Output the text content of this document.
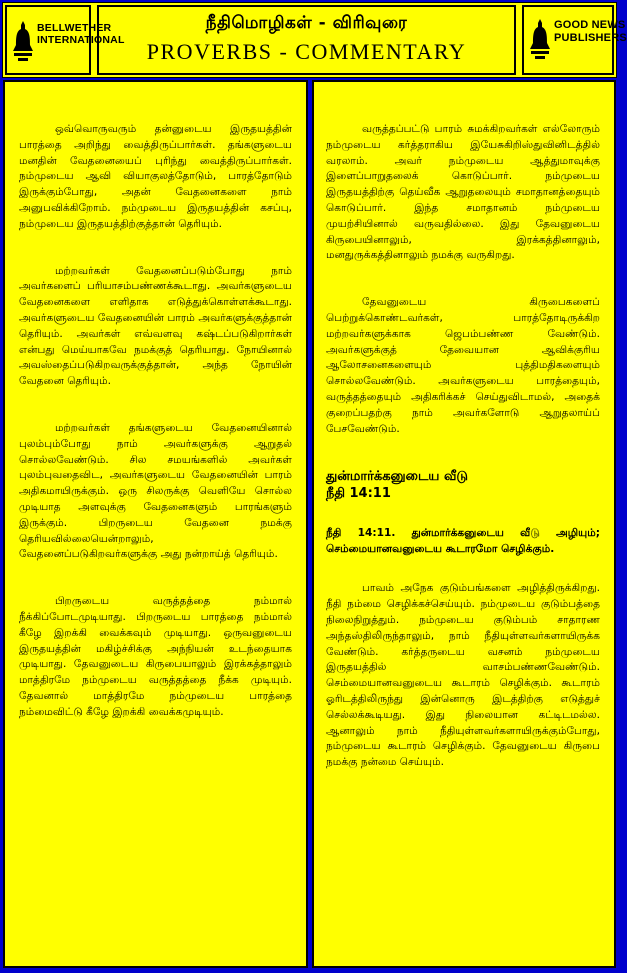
BELLWETHER
INTERNATIONAL
நீதிமொழிகள் - விரிவுரை
PROVERBS - COMMENTARY
GOOD NEWS
PUBLISHERS

ஒவ்வொருவரும் தன்னுடைய இருதயத்தின் பாரத்தை அறிந்து வைத்திருப்பார்கள். தங்களுடைய மனதின் வேதனையைப் புரிந்து வைத்திருப்பார்கள். நம்முடைய ஆவி வியாகுலத்தோடும், பாரத்தோடும் இருக்கும்போது, அதன் வேதனைகளை நாம் அனுபவிக்கிறோம். நம்முடைய இருதயத்தின் கசப்பு, நம்முடைய இருதயத்திற்குத்தான் தெரியும்.

மற்றவர்கள் வேதனைப்படும்போது நாம் அவர்களைப் பரியாசம்பண்ணக்கூடாது. அவர்களுடைய வேதனைகளை எளிதாக எடுத்துக்கொள்ளக்கூடாது. அவர்களுடைய வேதனையின் பாரம் அவர்களுக்குத்தான் தெரியும். அவர்கள் எவ்வளவு கஷ்டப்படுகிறார்கள் என்பது மெய்யாகவே நமக்குத் தெரியாது. நோயினால் அவஸ்தைப்படுகிறவருக்குத்தான், அந்த நோயின் வேதனை தெரியும்.

மற்றவர்கள் தங்களுடைய வேதனையினால் புலம்பும்போது நாம் அவர்களுக்கு ஆறுதல் சொல்லவேண்டும். சில சமயங்களில் அவர்கள் புலம்புவதைவிட, அவர்களுடைய வேதனையின் பாரம் அதிகமாயிருக்கும். ஒரு சிலருக்கு வெளியே சொல்ல முடியாத அளவுக்கு வேதனைகளும் பாரங்களும் இருக்கும். பிறருடைய வேதனை நமக்கு தெரியவில்லையென்றாலும், வேதனைப்படுகிறவர்களுக்கு அது நன்றாய்த் தெரியும்.

பிறருடைய வருத்தத்தை நம்மால் நீக்கிப்போடமுடியாது. பிறருடைய பாரத்தை நம்மால் கீழே இறக்கி வைக்கவும் முடியாது. ஒருவனுடைய இருதயத்தின் மகிழ்ச்சிக்கு அந்நியன் உடந்தையாக முடியாது. தேவனுடைய கிருபையாலும் இரக்கத்தாலும் மாத்திரமே நம்முடைய வருத்தத்தை நீக்க முடியும். தேவனால் மாத்திரமே நம்முடைய பாரத்தை நம்மைவிட்டு கீழே இறக்கி வைக்கமுடியும்.

வருத்தப்பட்டு பாரம் சுமக்கிறவர்கள் எல்லோரும் நம்முடைய கர்த்தராகிய இயேசுகிறிஸ்துவினிடத்தில் வரலாம். அவர் நம்முடைய ஆத்துமாவுக்கு இளைப்பாறுதலைக் கொடுப்பார். நம்முடைய இருதயத்திற்கு தெய்வீக ஆறுதலையும் சமாதானத்தையும் கொடுப்பார். இந்த சமாதானம் நம்முடைய முயற்சியினால் வருவதில்லை. இது தேவனுடைய கிருபையினாலும், இரக்கத்தினாலும், மனதுருக்கத்தினாலும் நமக்கு வருகிறது.

தேவனுடைய கிருபைகளைப் பெற்றுக்கொண்டவர்கள், பாரத்தோடிருக்கிற மற்றவர்களுக்காக ஜெபம்பண்ண வேண்டும். அவர்களுக்குத் தேவையான ஆவிக்குரிய ஆலோசனைகளையும் புத்திமதிகளையும் சொல்லவேண்டும். அவர்களுடைய பாரத்தையும், வருத்தத்தையும் அதிகரிக்கச் செய்துவிடாமல், அதைக் குறைப்பதற்கு நாம் அவர்களோடு ஆறுதலாய்ப் பேசவேண்டும்.

துன்மார்க்கனுடைய வீடு
நீதி 14:11

நீதி 14:11. துன்மார்க்கனுடைய வீடு அழியும்; செம்மையானவனுடைய கூடாரமோ செழிக்கும்.

பாவம் அநேக குடும்பங்களை அழித்திருக்கிறது. நீதி நம்மை செழிக்கச்செய்யும். நம்முடைய குடும்பத்தை நிலைநிறுத்தும். நம்முடைய குடும்பம் சாதாரண அந்தஸ்திலிருந்தாலும், நாம் நீதியுள்ளவர்களாயிருக்க வேண்டும். கர்த்தருடைய வசனம் நம்முடைய இருதயத்தில் வாசம்பண்ணவேண்டும். செம்மையானவனுடைய கூடாரம் செழிக்கும். கூடாரம் ஓரிடத்திலிருந்து இன்னொரு இடத்திற்கு எடுத்துச் செல்லக்கூடியது. இது நிலையான கட்டிடமல்ல. ஆனாலும் நாம் நீதியுள்ளவர்களாயிருக்கும்போது, நம்முடைய கூடாரம் செழிக்கும். தேவனுடைய கிருபை நமக்கு நன்மை செய்யும்.
